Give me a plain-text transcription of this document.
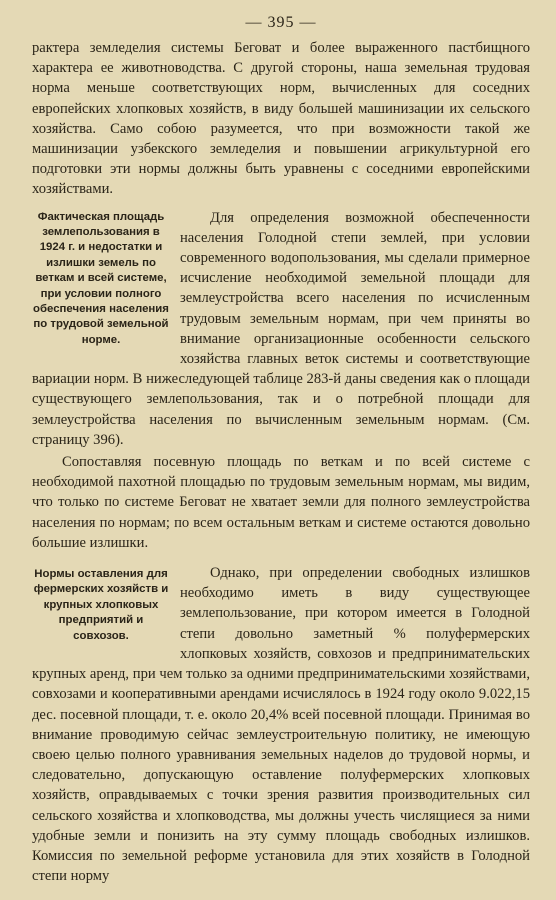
— 395 —

рактера земледелия системы Беговат и более выраженного пастбищного характера ее животноводства. С другой стороны, наша земельная трудовая норма меньше соответствующих норм, вычисленных для соседних европейских хлопковых хозяйств, в виду большей машинизации их сельского хозяйства. Само собою разумеется, что при возможности такой же машинизации узбекского земледелия и повышении агрикультурной его подготовки эти нормы должны быть уравнены с соседними европейскими хозяйствами.

Фактическая площадь землепользования в 1924 г. и недостатки и излишки земель по веткам и всей системе, при условии полного обеспечения населения по трудовой земельной норме.

Для определения возможной обеспеченности населения Голодной степи землей, при условии современного водопользования, мы сделали примерное исчисление необходимой земельной площади для землеустройства всего населения по исчисленным трудовым земельным нормам, при чем приняты во внимание организационные особенности сельского хозяйства главных веток системы и соответствующие вариации норм. В нижеследующей таблице 283-й даны сведения как о площади существующего землепользования, так и о потребной площади для землеустройства населения по вычисленным земельным нормам. (См. страницу 396).

Сопоставляя посевную площадь по веткам и по всей системе с необходимой пахотной площадью по трудовым земельным нормам, мы видим, что только по системе Беговат не хватает земли для полного землеустройства населения по нормам; по всем остальным веткам и системе остаются довольно большие излишки.

Нормы оставления для фермерских хозяйств и крупных хлопковых предприятий и совхозов.

Однако, при определении свободных излишков необходимо иметь в виду существующее землепользование, при котором имеется в Голодной степи довольно заметный % полуфермерских хлопковых хозяйств, совхозов и предпринимательских крупных аренд, при чем только за одними предпринимательскими хозяйствами, совхозами и кооперативными арендами исчислялось в 1924 году около 9.022,15 дес. посевной площади, т. е. около 20,4% всей посевной площади. Принимая во внимание проводимую сейчас землеустроительную политику, не имеющую своею целью полного уравнивания земельных наделов до трудовой нормы, и следовательно, допускающую оставление полуфермерских хлопковых хозяйств, оправдываемых с точки зрения развития производительных сил сельского хозяйства и хлопководства, мы должны учесть числящиеся за ними удобные земли и понизить на эту сумму площадь свободных излишков. Комиссия по земельной реформе установила для этих хозяйств в Голодной степи норму
